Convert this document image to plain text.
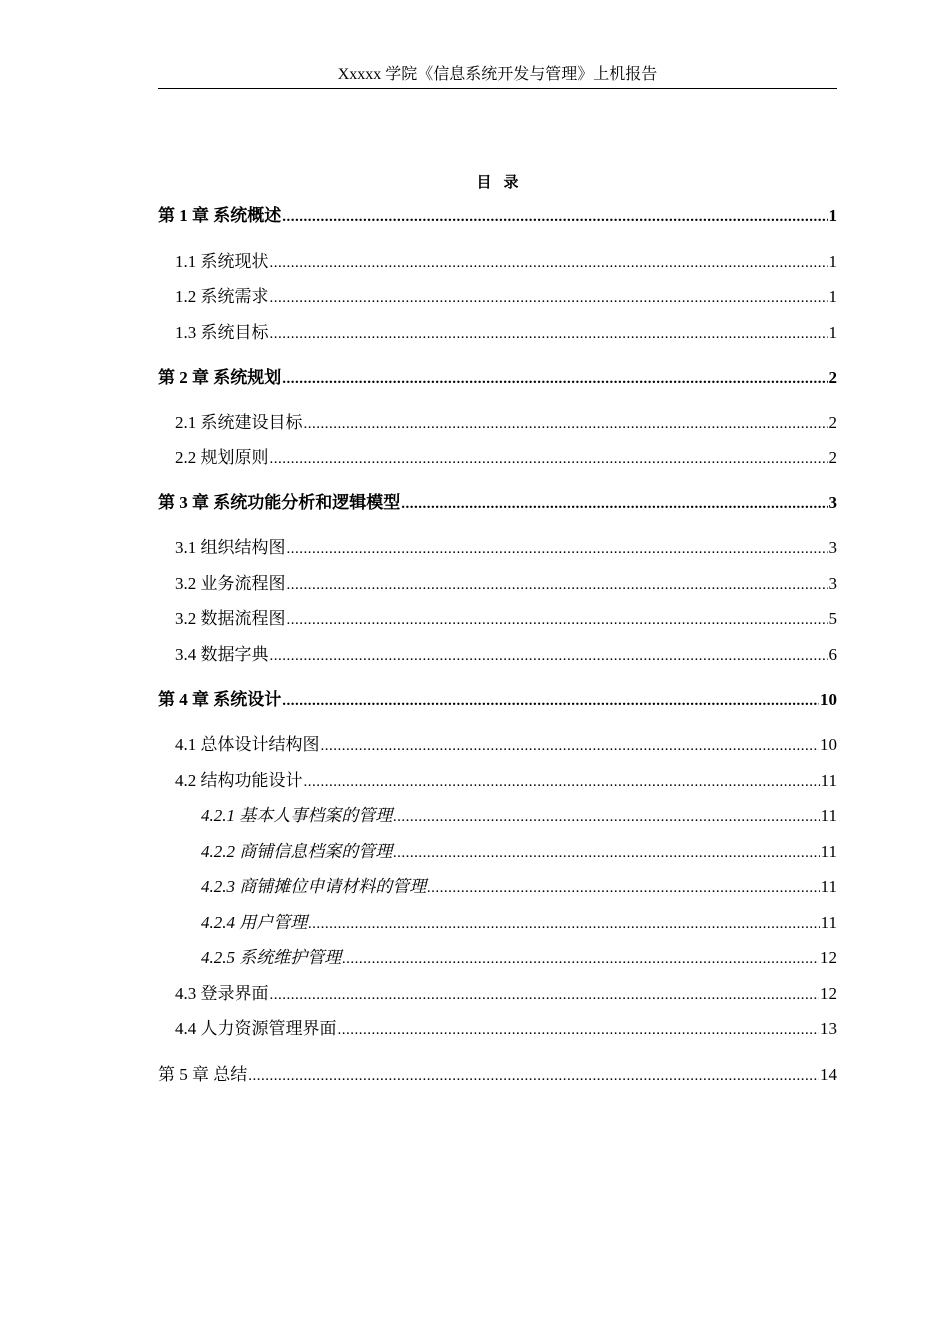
Xxxxx 学院《信息系统开发与管理》上机报告
目录
第 1 章 系统概述 .....	1
1.1 系统现状 .....	1
1.2 系统需求 .....	1
1.3 系统目标 .....	1
第 2 章 系统规划 .....	2
2.1 系统建设目标 .....	2
2.2 规划原则 .....	2
第 3 章 系统功能分析和逻辑模型 .....	3
3.1 组织结构图 .....	3
3.2 业务流程图 .....	3
3.2 数据流程图 .....	5
3.4 数据字典 .....	6
第 4 章 系统设计 .....	10
4.1 总体设计结构图 .....	10
4.2 结构功能设计 .....	11
4.2.1 基本人事档案的管理 .....	11
4.2.2 商铺信息档案的管理 .....	11
4.2.3 商铺摊位申请材料的管理 .....	11
4.2.4 用户管理 .....	11
4.2.5 系统维护管理 .....	12
4.3 登录界面 .....	12
4.4 人力资源管理界面 .....	13
第 5 章 总结 .....	14
